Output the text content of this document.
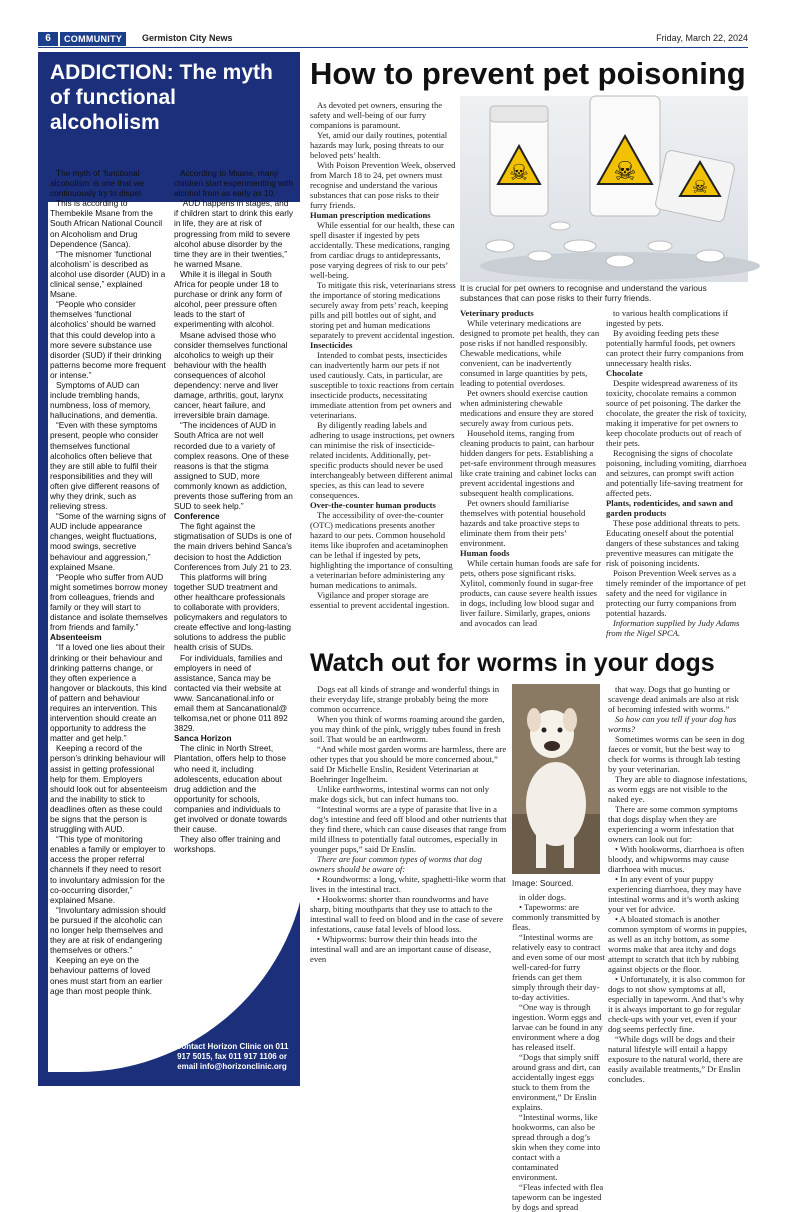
6	COMMUNITY	Germiston City News	Friday, March 22, 2024
ADDICTION: The myth of functional alcoholism

The myth of ‘functional alcoholism’ is one that we continuously try to dispel.

This is according to Thembekile Msane from the South African National Council on Alcoholism and Drug Dependence (Sanca).

“The misnomer ‘functional alcoholism’ is described as alcohol use disorder (AUD) in a clinical sense,” explained Msane.

“People who consider themselves ‘functional alcoholics’ should be warned that this could develop into a more severe substance use disorder (SUD) if their drinking patterns become more frequent or intense.”

Symptoms of AUD can include trembling hands, numbness, loss of memory, hallucinations, and dementia.

“Even with these symptoms present, people who consider themselves functional alcoholics often believe that they are still able to fulfil their responsibilities and they will often give different reasons of why they drink, such as relieving stress.

“Some of the warning signs of AUD include appearance changes, weight fluctuations, mood swings, secretive behaviour and aggression,” explained Msane.

“People who suffer from AUD might sometimes borrow money from colleagues, friends and family or they will start to distance and isolate themselves from friends and family.”

Absenteeism

“If a loved one lies about their drinking or their behaviour and drinking patterns change, or they often experience a hangover or blackouts, this kind of pattern and behaviour requires an intervention. This intervention should create an opportunity to address the matter and get help.”

Keeping a record of the person’s drinking behaviour will assist in getting professional help for them. Employers should look out for absenteeism and the inability to stick to deadlines often as these could be signs that the person is struggling with AUD.

“This type of monitoring enables a family or employer to access the proper referral channels if they need to resort to involuntary admission for the co-occurring disorder,” explained Msane.

“Involuntary admission should be pursued if the alcoholic can no longer help themselves and they are at risk of endangering themselves or others.”

Keeping an eye on the behaviour patterns of loved ones must start from an earlier age than most people think.

According to Msane, many children start experimenting with alcohol from as early as 10.

“AUD happens in stages, and if children start to drink this early in life, they are at risk of progressing from mild to severe alcohol abuse disorder by the time they are in their twenties,” he warned Msane.

While it is illegal in South Africa for people under 18 to purchase or drink any form of alcohol, peer pressure often leads to the start of experimenting with alcohol.

Msane advised those who consider themselves functional alcoholics to weigh up their behaviour with the health consequences of alcohol dependency: nerve and liver damage, arthritis, gout, larynx cancer, heart failure, and irreversible brain damage.

“The incidences of AUD in South Africa are not well recorded due to a variety of complex reasons. One of these reasons is that the stigma assigned to SUD, more commonly known as addiction, prevents those suffering from an SUD to seek help.”

Conference

The fight against the stigmatisation of SUDs is one of the main drivers behind Sanca’s decision to host the Addiction Conferences from July 21 to 23.

This platforms will bring together SUD treatment and other healthcare professionals to collaborate with providers, policymakers and regulators to create effective and long-lasting solutions to address the public health crisis of SUDs.

For individuals, families and employers in need of assistance, Sanca may be contacted via their website at www. Sancanational.info or email them at Sancanational@ telkomsa,net or phone 011 892 3829.

Sanca Horizon

The clinic in North Street, Plantation, offers help to those who need it, including adolescents, education about drug addiction and the opportunity for schools, companies and individuals to get involved or donate towards their cause.

They also offer training and workshops.

Contact Horizon Clinic on 011 917 5015, fax 011 917 1106 or email info@horizonclinic.org
How to prevent pet poisoning

As devoted pet owners, ensuring the safety and well-being of our furry companions is paramount.

Yet, amid our daily routines, potential hazards may lurk, posing threats to our beloved pets’ health.

With Poison Prevention Week, observed from March 18 to 24, pet owners must recognise and understand the various substances that can pose risks to their furry friends.

Human prescription medications

While essential for our health, these can spell disaster if ingested by pets accidentally. These medications, ranging from cardiac drugs to antidepressants, pose varying degrees of risk to our pets’ well-being.

To mitigate this risk, veterinarians stress the importance of storing medications securely away from pets’ reach, keeping pills and pill bottles out of sight, and storing pet and human medications separately to prevent accidental ingestion.

Insecticides

Intended to combat pests, insecticides can inadvertently harm our pets if not used cautiously. Cats, in particular, are susceptible to toxic reactions from certain insecticide products, necessitating immediate attention from pet owners and veterinarians.

By diligently reading labels and adhering to usage instructions, pet owners can minimise the risk of insecticide-related incidents. Additionally, pet-specific products should never be used interchangeably between different animal species, as this can lead to severe consequences.

Over-the-counter human products

The accessibility of over-the-counter (OTC) medications presents another hazard to our pets. Common household items like ibuprofen and acetaminophen can be lethal if ingested by pets, highlighting the importance of consulting a veterinarian before administering any human medications to animals.

Vigilance and proper storage are essential to prevent accidental ingestion.

☠	☠
☠
It is crucial for pet owners to recognise and understand the various substances that can pose risks to their furry friends.
Veterinary products

While veterinary medications are designed to promote pet health, they can pose risks if not handled responsibly. Chewable medications, while convenient, can be inadvertently consumed in large quantities by pets, leading to potential overdoses.

Pet owners should exercise caution when administering chewable medications and ensure they are stored securely away from curious pets.

Household items, ranging from cleaning products to paint, can harbour hidden dangers for pets. Establishing a pet-safe environment through measures like crate training and cabinet locks can prevent accidental ingestions and subsequent health complications.

Pet owners should familiarise themselves with potential household hazards and take proactive steps to eliminate them from their pets’ environment.

Human foods

While certain human foods are safe for pets, others pose significant risks. Xylitol, commonly found in sugar-free products, can cause severe health issues in dogs, including low blood sugar and liver failure. Similarly, grapes, onions and avocados can lead

to various health complications if ingested by pets.

By avoiding feeding pets these potentially harmful foods, pet owners can protect their furry companions from unnecessary health risks.

Chocolate

Despite widespread awareness of its toxicity, chocolate remains a common source of pet poisoning. The darker the chocolate, the greater the risk of toxicity, making it imperative for pet owners to keep chocolate products out of reach of their pets.

Recognising the signs of chocolate poisoning, including vomiting, diarrhoea and seizures, can prompt swift action and potentially life-saving treatment for affected pets.

Plants, rodenticides, and sawn and garden products

These pose additional threats to pets. Educating oneself about the potential dangers of these substances and taking preventive measures can mitigate the risk of poisoning incidents.

Poison Prevention Week serves as a timely reminder of the importance of pet safety and the need for vigilance in protecting our furry companions from potential hazards.

Information supplied by Judy Adams from the Nigel SPCA.

Watch out for worms in your dogs

Dogs eat all kinds of strange and wonderful things in their everyday life, strange probably being the more common occurrence.

When you think of worms roaming around the garden, you may think of the pink, wriggly tubes found in fresh soil. That would be an earthworm.

“And while most garden worms are harmless, there are other types that you should be more concerned about,” said Dr Michelle Enslin, Resident Veterinarian at Boehringer Ingelheim.

Unlike earthworms, intestinal worms can not only make dogs sick, but can infect humans too.

“Intestinal worms are a type of parasite that live in a dog’s intestine and feed off blood and other nutrients that they find there, which can cause diseases that range from mild illness to potentially fatal outcomes, especially in younger pups,” said Dr Enslin.

There are four common types of worms that dog owners should be aware of:

• Roundworms: a long, white, spaghetti-like worm that lives in the intestinal tract.

• Hookworms: shorter than roundworms and have sharp, biting mouthparts that they use to attach to the intestinal wall to feed on blood and in the case of severe infestations, cause fatal levels of blood loss.

• Whipworms: burrow their thin heads into the intestinal wall and are an important cause of disease, even

Image: Sourced.

in older dogs.

• Tapeworms: are commonly transmitted by fleas.

“Intestinal worms are relatively easy to contract and even some of our most well-cared-for furry friends can get them simply through their day-to-day activities.

“One way is through ingestion. Worm eggs and larvae can be found in any environment where a dog has released itself.

“Dogs that simply sniff around grass and dirt, can accidentally ingest eggs stuck to them from the environment,” Dr Enslin explains.

“Intestinal worms, like hookworms, can also be spread through a dog’s skin when they come into contact with a contaminated environment.

“Fleas infected with flea tapeworm can be ingested by dogs and spread

that way. Dogs that go hunting or scavenge dead animals are also at risk of becoming infested with worms.”

So how can you tell if your dog has worms?

Sometimes worms can be seen in dog faeces or vomit, but the best way to check for worms is through lab testing by your veterinarian.

They are able to diagnose infestations, as worm eggs are not visible to the naked eye.

There are some common symptoms that dogs display when they are experiencing a worm infestation that owners can look out for:

• With hookworms, diarrhoea is often bloody, and whipworms may cause diarrhoea with mucus.

• In any event of your puppy experiencing diarrhoea, they may have intestinal worms and it’s worth asking your vet for advice.

• A bloated stomach is another common symptom of worms in puppies, as well as an itchy bottom, as some worms make that area itchy and dogs attempt to scratch that itch by rubbing against objects or the floor.

• Unfortunately, it is also common for dogs to not show symptoms at all, especially in tapeworm. And that’s why it is always important to go for regular check-ups with your vet, even if your dog seems perfectly fine.

“While dogs will be dogs and their natural lifestyle will entail a happy exposure to the natural world, there are easily available treatments,” Dr Enslin concludes.
